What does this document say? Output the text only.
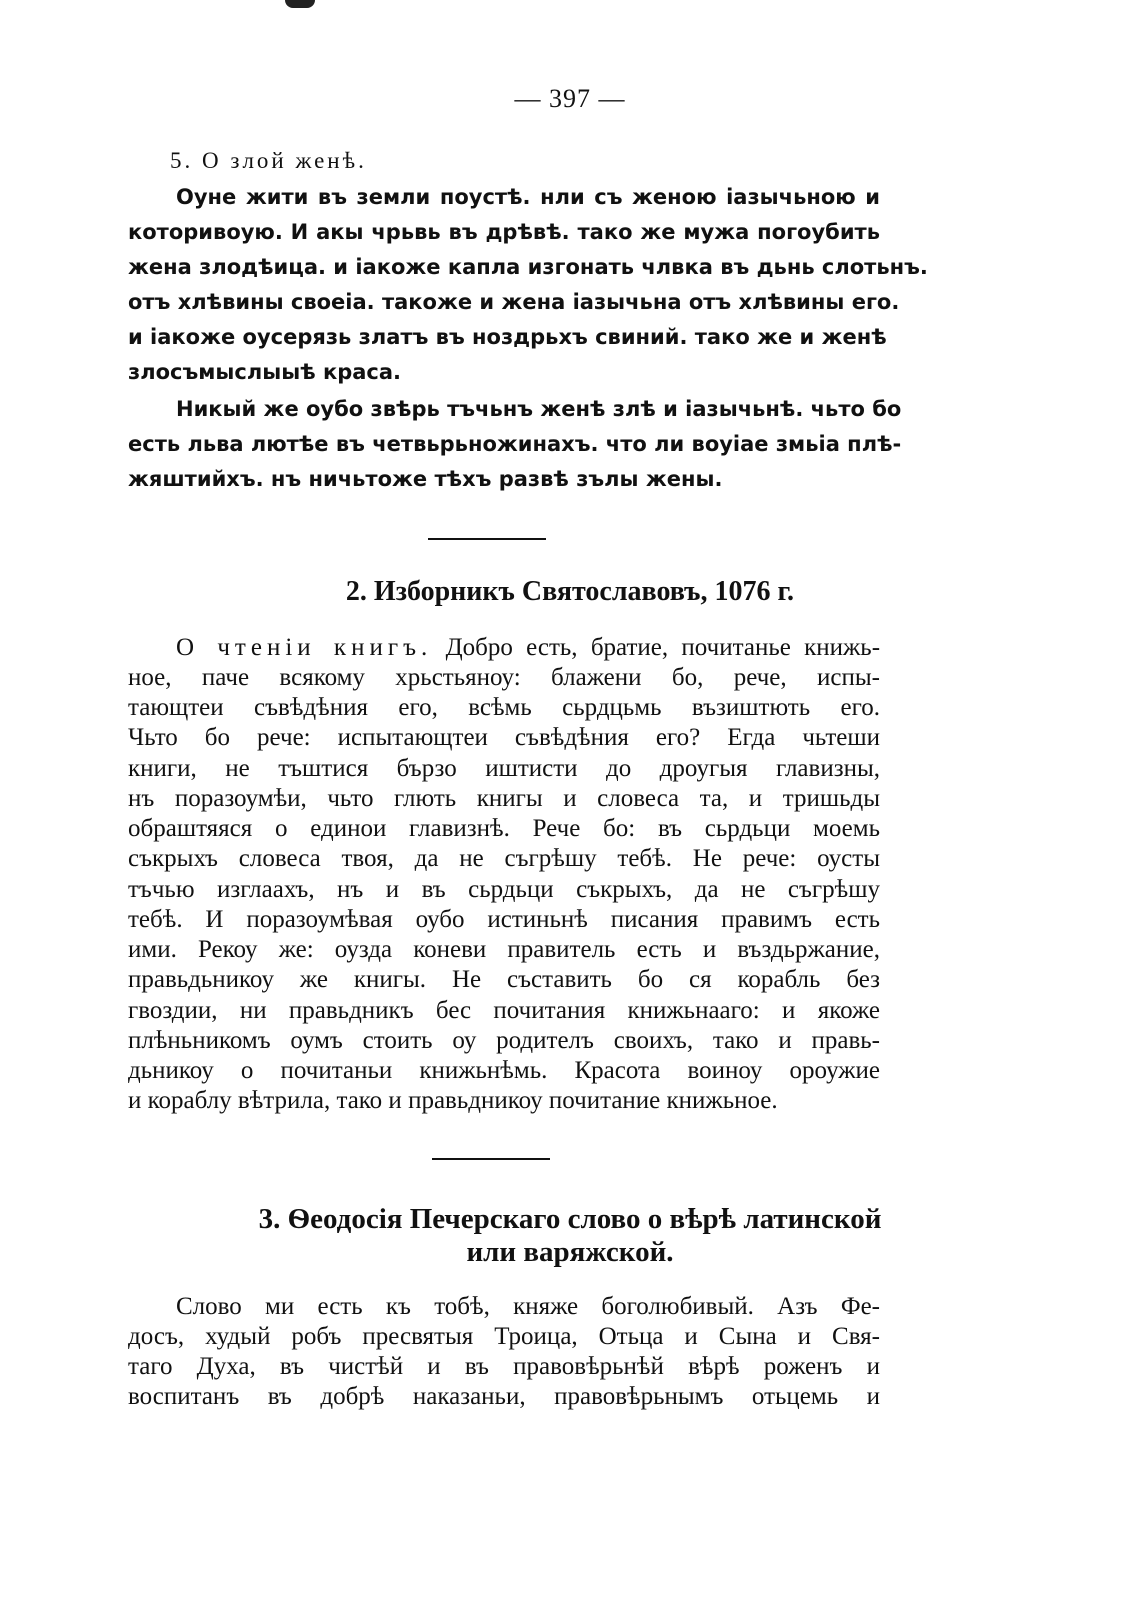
— 397 —
5. О злой женѣ.
Оуне жити въ земли поустѣ. нли съ женою іазычьною и
которивоую. И акы чрьвь въ дрѣвѣ. тако же мужа погоубить
жена злодѣица. и іакоже капла изгонать члвка въ дьнь слотьнъ.
отъ хлѣвины своеіа. такоже и жена іазычьна отъ хлѣвины его.
и іакоже оусерязь златъ въ ноздрьхъ свиний. тако же и женѣ
злосъмыслыыѣ краса.
Никый же оубо звѣрь тъчьнъ женѣ злѣ и іазычьнѣ. чьто бо
есть льва лютѣе въ четвьрьножинахъ. что ли воуіае змьіа плѣ-
жяштийхъ. нъ ничьтоже тѣхъ развѣ зълы жены.
2. Изборникъ Святославовъ, 1076 г.
О чтеніи книгъ. Добро есть, братие, почитанье книжь-
ное, паче всякому хрьстьяноу: блажени бо, рече, испы-
тающтеи съвѣдѣния его, всѣмь сьрдцьмь възиштють его.
Чьто бо рече: испытающтеи съвѣдѣния его? Егда чьтеши
книги, не тъштися бързо иштисти до дроугыя главизны,
нъ поразоумѣи, чьто глють книгы и словеса та, и тришьды
обраштяяся о единои главизнѣ. Рече бо: въ сьрдьци моемь
съкрыхъ словеса твоя, да не съгрѣшу тебѣ. Не рече: оусты
тъчью изглаахъ, нъ и въ сьрдьци съкрыхъ, да не съгрѣшу
тебѣ. И поразоумѣвая оубо истиньнѣ писания правимъ есть
ими. Рекоу же: оузда коневи правитель есть и въздьржание,
правьдьникоу же книгы. Не съставить бо ся корабль без
гвоздии, ни правьдникъ бес почитания книжьнааго: и якоже
плѣньникомъ оумъ стоить оу родителъ своихъ, тако и правь-
дьникоу о почитаньи книжьнѣмь. Красота воиноу ороужие
и кораблу вѣтрила, тако и правьдникоу почитание книжьное.
3. Ѳеодосія Печерскаго слово о вѣрѣ латинской
или варяжской.
Слово ми есть къ тобѣ, княже боголюбивый. Азъ Фе-
досъ, худый робъ пресвятыя Троица, Отьца и Сына и Свя-
таго Духа, въ чистѣй и въ правовѣрьнѣй вѣрѣ роженъ и
воспитанъ въ добрѣ наказаньи, правовѣрьнымъ отьцемь и
